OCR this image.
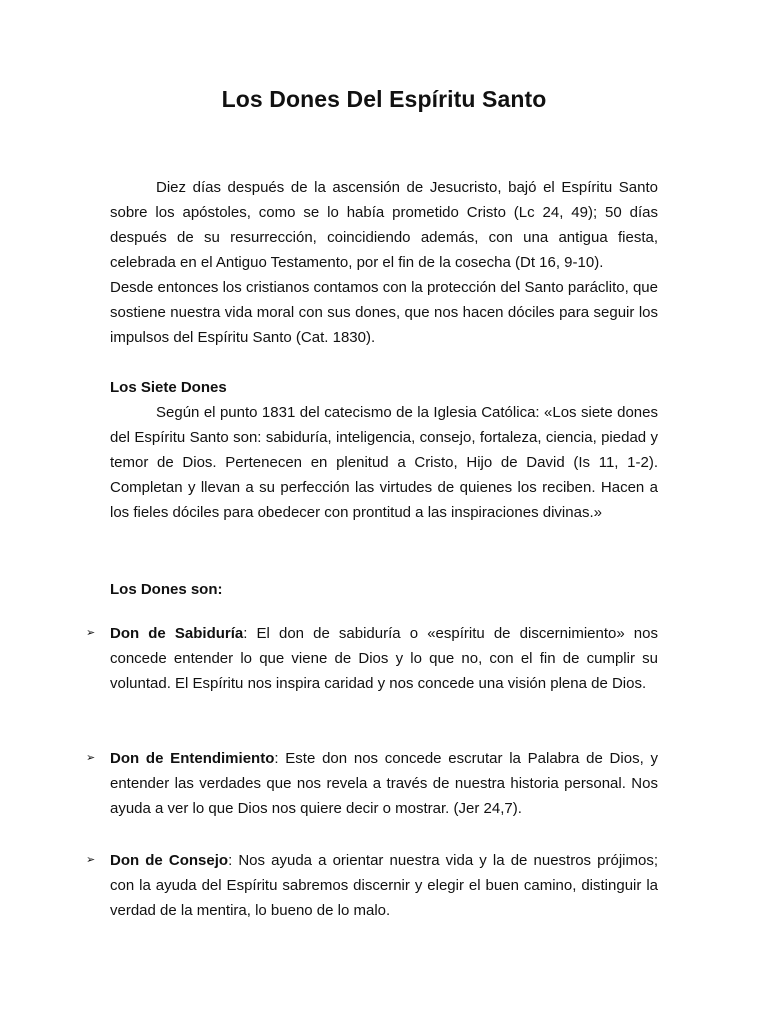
Los Dones Del Espíritu Santo

Diez días después de la ascensión de Jesucristo, bajó el Espíritu Santo sobre los apóstoles, como se lo había prometido Cristo (Lc 24, 49); 50 días después de su resurrección, coincidiendo además, con una antigua fiesta, celebrada en el Antiguo Testamento, por el fin de la cosecha (Dt 16, 9-10).

Desde entonces los cristianos contamos con la protección del Santo paráclito, que sostiene nuestra vida moral con sus dones, que nos hacen dóciles para seguir los impulsos del Espíritu Santo (Cat. 1830).

Los Siete Dones

Según el punto 1831 del catecismo de la Iglesia Católica: «Los siete dones del Espíritu Santo son: sabiduría, inteligencia, consejo, fortaleza, ciencia, piedad y temor de Dios. Pertenecen en plenitud a Cristo, Hijo de David (Is 11, 1-2). Completan y llevan a su perfección las virtudes de quienes los reciben. Hacen a los fieles dóciles para obedecer con prontitud a las inspiraciones divinas.»

Los Dones son:

➢ Don de Sabiduría: El don de sabiduría o «espíritu de discernimiento» nos concede entender lo que viene de Dios y lo que no, con el fin de cumplir su voluntad. El Espíritu nos inspira caridad y nos concede una visión plena de Dios.

➢ Don de Entendimiento: Este don nos concede escrutar la Palabra de Dios, y entender las verdades que nos revela a través de nuestra historia personal. Nos ayuda a ver lo que Dios nos quiere decir o mostrar. (Jer 24,7).

➢ Don de Consejo: Nos ayuda a orientar nuestra vida y la de nuestros prójimos; con la ayuda del Espíritu sabremos discernir y elegir el buen camino, distinguir la verdad de la mentira, lo bueno de lo malo.
